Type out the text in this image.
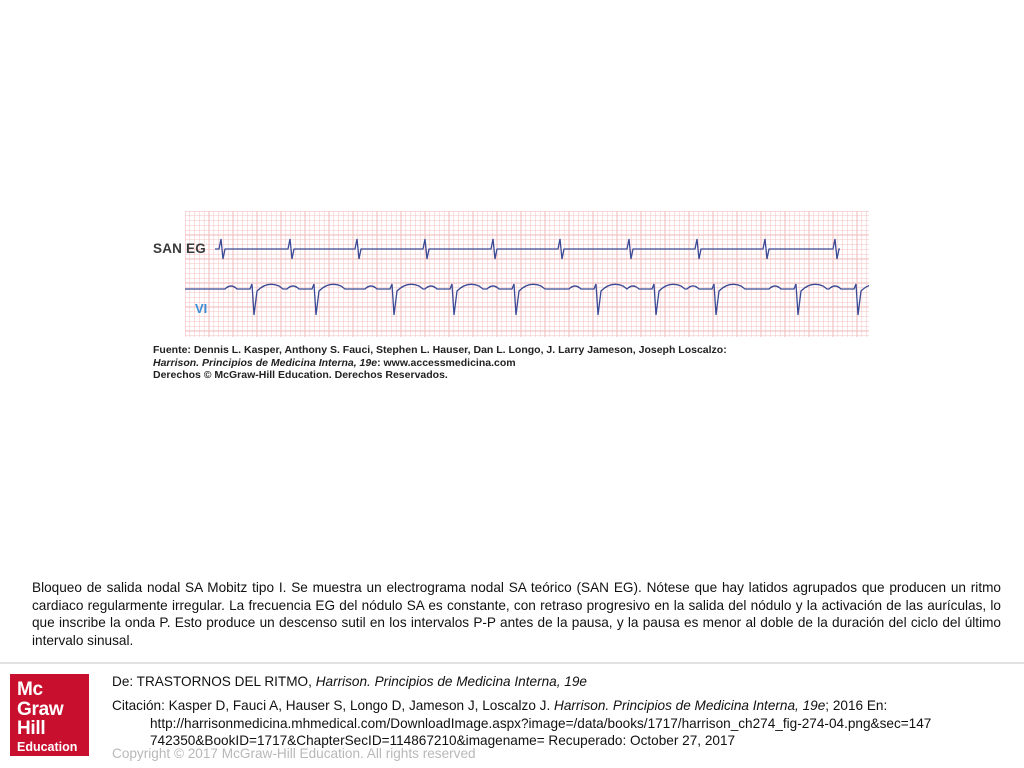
SAN EG
VI
Fuente: Dennis L. Kasper, Anthony S. Fauci, Stephen L. Hauser, Dan L. Longo, J. Larry Jameson, Joseph Loscalzo:
Harrison. Principios de Medicina Interna, 19e: www.accessmedicina.com
Derechos © McGraw-Hill Education. Derechos Reservados.
Bloqueo de salida nodal SA Mobitz tipo I. Se muestra un electrograma nodal SA teórico (SAN EG). Nótese que hay latidos agrupados que producen un ritmo cardiaco regularmente irregular. La frecuencia EG del nódulo SA es constante, con retraso progresivo en la salida del nódulo y la activación de las aurículas, lo que inscribe la onda P. Esto produce un descenso sutil en los intervalos P-P antes de la pausa, y la pausa es menor al doble de la duración del ciclo del último intervalo sinusal.
Mc
Graw
Hill
Education
De: TRASTORNOS DEL RITMO, Harrison. Principios de Medicina Interna, 19e
Citación: Kasper D, Fauci A, Hauser S, Longo D, Jameson J, Loscalzo J. Harrison. Principios de Medicina Interna, 19e; 2016 En:
http://harrisonmedicina.mhmedical.com/DownloadImage.aspx?image=/data/books/1717/harrison_ch274_fig-274-04.png&sec=147742350&BookID=1717&ChapterSecID=114867210&imagename= Recuperado: October 27, 2017
Copyright © 2017 McGraw-Hill Education. All rights reserved
